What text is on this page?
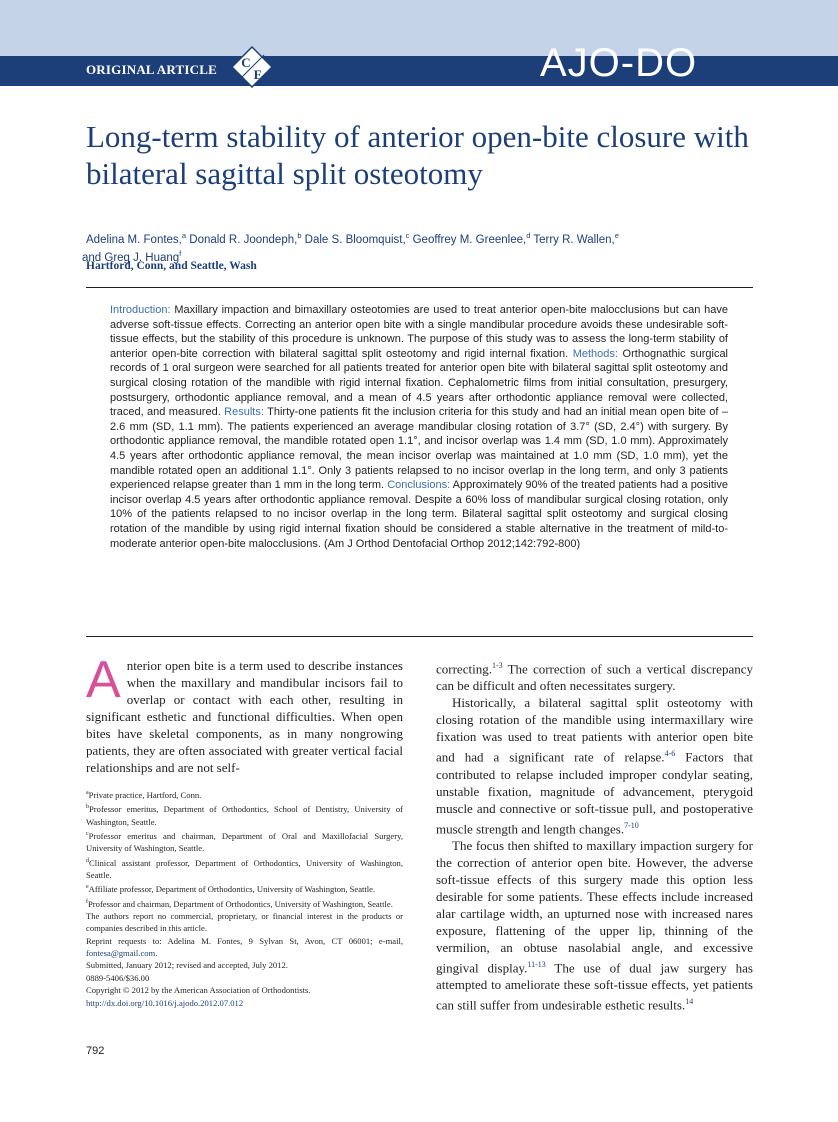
ORIGINAL ARTICLE C
E	AJO-DO
Long-term stability of anterior open-bite closure with bilateral sagittal split osteotomy
Adelina M. Fontes,$^a$ Donald R. Joondeph,$^b$ Dale S. Bloomquist,$^c$ Geoffrey M. Greenlee,$^d$ Terry R. Wallen,$^e$
and Greg J. Huang$^f$
Hartford, Conn, and Seattle, Wash
Introduction: Maxillary impaction and bimaxillary osteotomies are used to treat anterior open-bite malocclusions but can have adverse soft-tissue effects. Correcting an anterior open bite with a single mandibular procedure avoids these undesirable soft-tissue effects, but the stability of this procedure is unknown. The purpose of this study was to assess the long-term stability of anterior open-bite correction with bilateral sagittal split osteotomy and rigid internal fixation. Methods: Orthognathic surgical records of 1 oral surgeon were searched for all patients treated for anterior open bite with bilateral sagittal split osteotomy and surgical closing rotation of the mandible with rigid internal fixation. Cephalometric films from initial consultation, presurgery, postsurgery, orthodontic appliance removal, and a mean of 4.5 years after orthodontic appliance removal were collected, traced, and measured. Results: Thirty-one patients fit the inclusion criteria for this study and had an initial mean open bite of –2.6 mm (SD, 1.1 mm). The patients experienced an average mandibular closing rotation of 3.7° (SD, 2.4°) with surgery. By orthodontic appliance removal, the mandible rotated open 1.1°, and incisor overlap was 1.4 mm (SD, 1.0 mm). Approximately 4.5 years after orthodontic appliance removal, the mean incisor overlap was maintained at 1.0 mm (SD, 1.0 mm), yet the mandible rotated open an additional 1.1°. Only 3 patients relapsed to no incisor overlap in the long term, and only 3 patients experienced relapse greater than 1 mm in the long term. Conclusions: Approximately 90% of the treated patients had a positive incisor overlap 4.5 years after orthodontic appliance removal. Despite a 60% loss of mandibular surgical closing rotation, only 10% of the patients relapsed to no incisor overlap in the long term. Bilateral sagittal split osteotomy and surgical closing rotation of the mandible by using rigid internal fixation should be considered a stable alternative in the treatment of mild-to-moderate anterior open-bite malocclusions. (Am J Orthod Dentofacial Orthop 2012;142:792-800)

Anterior open bite is a term used to describe instances when the maxillary and mandibular incisors fail to overlap or contact with each other, resulting in significant esthetic and functional difficulties. When open bites have skeletal components, as in many nongrowing patients, they are often associated with greater vertical facial relationships and are not self-

$^a$Private practice, Hartford, Conn.
$^b$Professor emeritus, Department of Orthodontics, School of Dentistry, University of Washington, Seattle.
$^c$Professor emeritus and chairman, Department of Oral and Maxillofacial Surgery, University of Washington, Seattle.
$^d$Clinical assistant professor, Department of Orthodontics, University of Washington, Seattle.
$^e$Affiliate professor, Department of Orthodontics, University of Washington, Seattle.
$^f$Professor and chairman, Department of Orthodontics, University of Washington, Seattle.
The authors report no commercial, proprietary, or financial interest in the products or companies described in this article.
Reprint requests to: Adelina M. Fontes, 9 Sylvan St, Avon, CT 06001; e-mail, fontesa@gmail.com.
Submitted, January 2012; revised and accepted, July 2012.
0889-5406/$36.00
Copyright © 2012 by the American Association of Orthodontists.
http://dx.doi.org/10.1016/j.ajodo.2012.07.012

correcting.$^{1-3}$ The correction of such a vertical discrepancy can be difficult and often necessitates surgery.

Historically, a bilateral sagittal split osteotomy with closing rotation of the mandible using intermaxillary wire fixation was used to treat patients with anterior open bite and had a significant rate of relapse.$^{4-6}$ Factors that contributed to relapse included improper condylar seating, unstable fixation, magnitude of advancement, pterygoid muscle and connective or soft-tissue pull, and postoperative muscle strength and length changes.$^{7-10}$

The focus then shifted to maxillary impaction surgery for the correction of anterior open bite. However, the adverse soft-tissue effects of this surgery made this option less desirable for some patients. These effects include increased alar cartilage width, an upturned nose with increased nares exposure, flattening of the upper lip, thinning of the vermilion, an obtuse nasolabial angle, and excessive gingival display.$^{11-13}$ The use of dual jaw surgery has attempted to ameliorate these soft-tissue effects, yet patients can still suffer from undesirable esthetic results.$^{14}$

792
